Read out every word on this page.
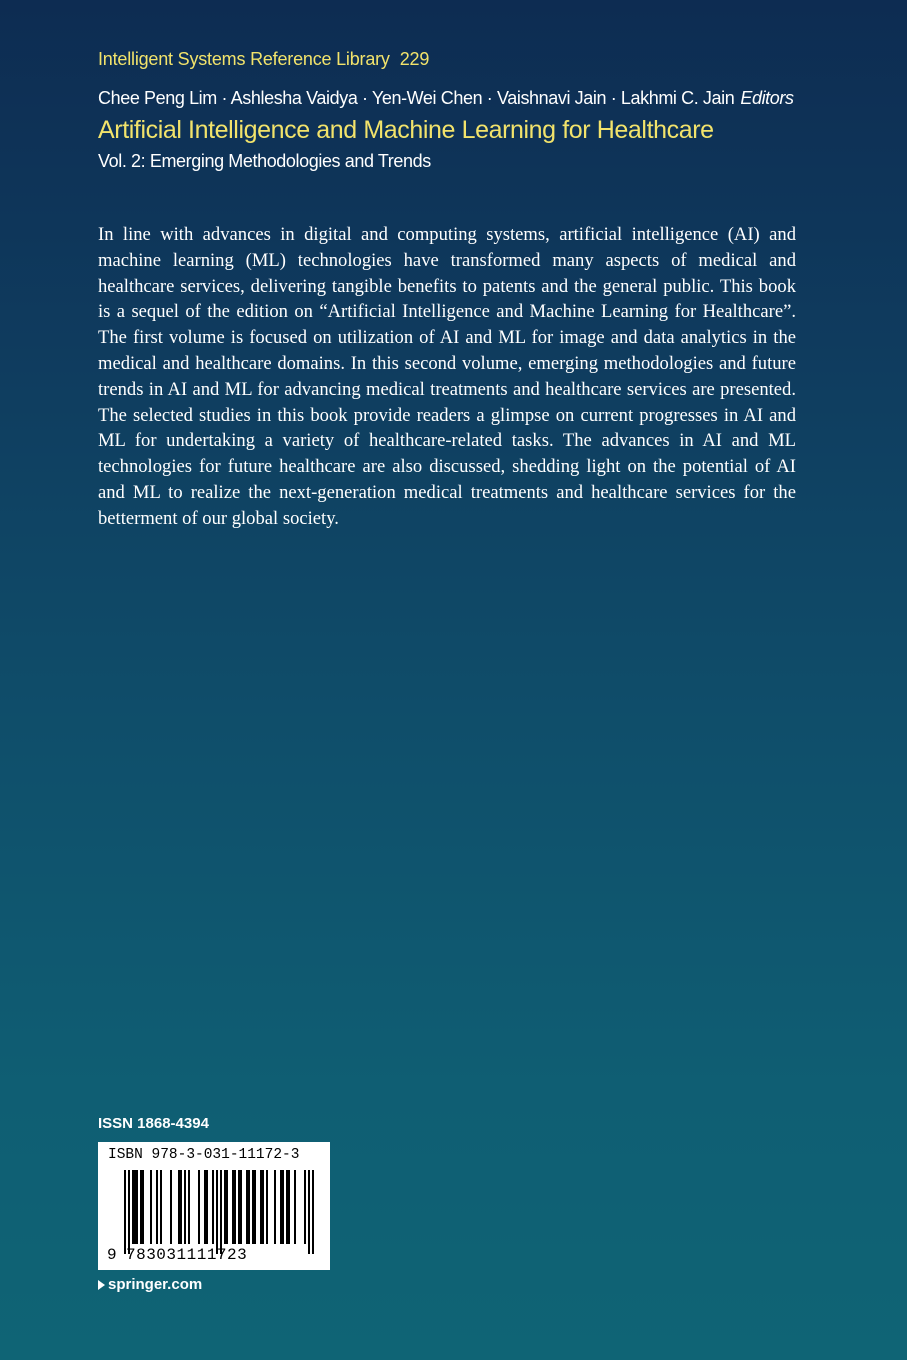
Intelligent Systems Reference Library 229
Chee Peng Lim · Ashlesha Vaidya · Yen-Wei Chen · Vaishnavi Jain · Lakhmi C. Jain Editors
Artificial Intelligence and Machine Learning for Healthcare
Vol. 2: Emerging Methodologies and Trends

In line with advances in digital and computing systems, artificial intelligence (AI) and machine learning (ML) technologies have transformed many aspects of medical and healthcare services, delivering tangible benefits to patents and the general public. This book is a sequel of the edition on “Artificial Intelligence and Machine Learning for Healthcare”. The first volume is focused on utilization of AI and ML for image and data analytics in the medical and healthcare domains. In this second volume, emerging methodologies and future trends in AI and ML for advancing medical treatments and healthcare services are presented. The selected studies in this book provide readers a glimpse on current progresses in AI and ML for undertaking a variety of healthcare-related tasks. The advances in AI and ML technologies for future healthcare are also discussed, shedding light on the potential of AI and ML to realize the next-generation medical treatments and healthcare services for the betterment of our global society.

ISSN 1868-4394
ISBN 978-3-031-11172-3
9 783031111723
springer.com
